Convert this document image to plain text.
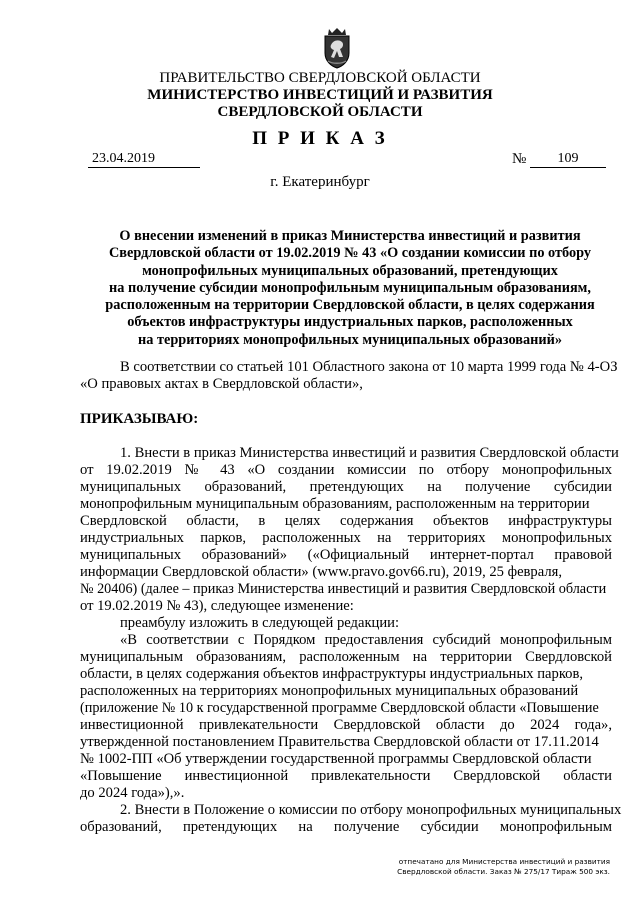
ПРАВИТЕЛЬСТВО СВЕРДЛОВСКОЙ ОБЛАСТИ
МИНИСТЕРСТВО ИНВЕСТИЦИЙ И РАЗВИТИЯ
СВЕРДЛОВСКОЙ ОБЛАСТИ
П Р И К А З
23.04.2019	№	109
г. Екатеринбург
О внесении изменений в приказ Министерства инвестиций и развития
Свердловской области от 19.02.2019 № 43 «О создании комиссии по отбору
монопрофильных муниципальных образований, претендующих
на получение субсидии монопрофильным муниципальным образованиям,
расположенным на территории Свердловской области, в целях содержания
объектов инфраструктуры индустриальных парков, расположенных
на территориях монопрофильных муниципальных образований»
В соответствии со статьей 101 Областного закона от 10 марта 1999 года № 4-ОЗ
«О правовых актах в Свердловской области»,
ПРИКАЗЫВАЮ:
1. Внести в приказ Министерства инвестиций и развития Свердловской области
от 19.02.2019 № 43 «О создании комиссии по отбору монопрофильных
муниципальных образований, претендующих на получение субсидии
монопрофильным муниципальным образованиям, расположенным на территории
Свердловской области, в целях содержания объектов инфраструктуры
индустриальных парков, расположенных на территориях монопрофильных
муниципальных образований» («Официальный интернет-портал правовой
информации Свердловской области» (www.pravo.gov66.ru), 2019, 25 февраля,
№ 20406) (далее – приказ Министерства инвестиций и развития Свердловской области
от 19.02.2019 № 43), следующее изменение:
преамбулу изложить в следующей редакции:
«В соответствии с Порядком предоставления субсидий монопрофильным
муниципальным образованиям, расположенным на территории Свердловской
области, в целях содержания объектов инфраструктуры индустриальных парков,
расположенных на территориях монопрофильных муниципальных образований
(приложение № 10 к государственной программе Свердловской области «Повышение
инвестиционной привлекательности Свердловской области до 2024 года»,
утвержденной постановлением Правительства Свердловской области от 17.11.2014
№ 1002-ПП «Об утверждении государственной программы Свердловской области
«Повышение инвестиционной привлекательности Свердловской области
до 2024 года»),».
2. Внести в Положение о комиссии по отбору монопрофильных муниципальных
образований, претендующих на получение субсидии монопрофильным
отпечатано для Министерства инвестиций и развития
Свердловской области. Заказ № 275/17 Тираж 500 экз.
